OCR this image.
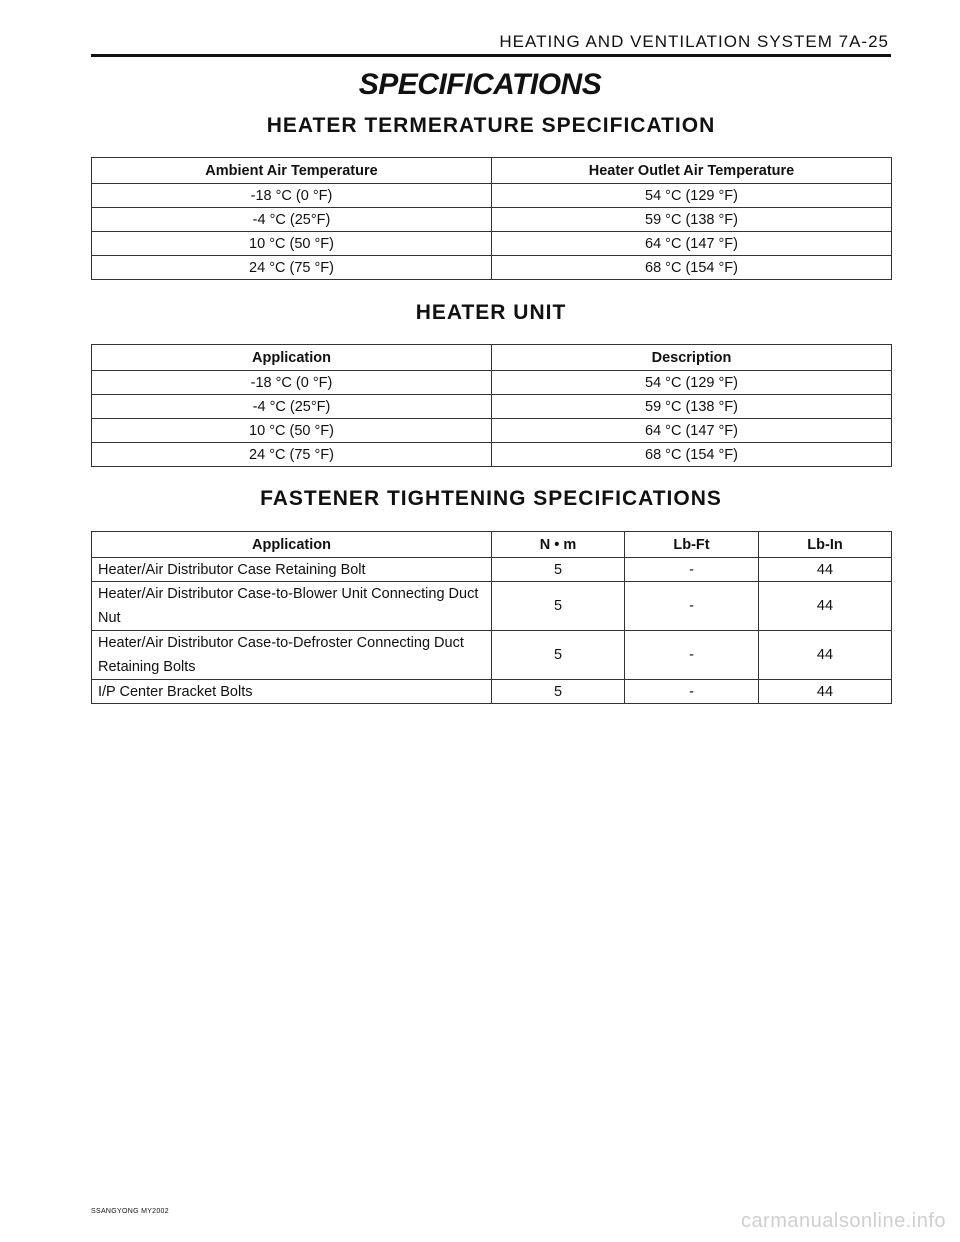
HEATING AND VENTILATION SYSTEM 7A-25
SPECIFICATIONS
HEATER TERMERATURE SPECIFICATION
Ambient Air Temperature	Heater Outlet Air Temperature
-18 °C (0 °F)	54 °C (129 °F)
-4 °C (25°F)	59 °C (138 °F)
10 °C (50 °F)	64 °C (147 °F)
24 °C (75 °F)	68 °C (154 °F)
HEATER UNIT
Application	Description
-18 °C (0 °F)	54 °C (129 °F)
-4 °C (25°F)	59 °C (138 °F)
10 °C (50 °F)	64 °C (147 °F)
24 °C (75 °F)	68 °C (154 °F)
FASTENER TIGHTENING SPECIFICATIONS
Application	N • m	Lb-Ft	Lb-In
Heater/Air Distributor Case Retaining Bolt	5	-	44

Heater/Air Distributor Case-to-Blower Unit Connecting Duct Nut	5	-	44

Heater/Air Distributor Case-to-Defroster Connecting Duct Retaining Bolts	5	-	44
I/P Center Bracket Bolts	5	-	44
SSANGYONG MY2002	carmanualsonline.info
